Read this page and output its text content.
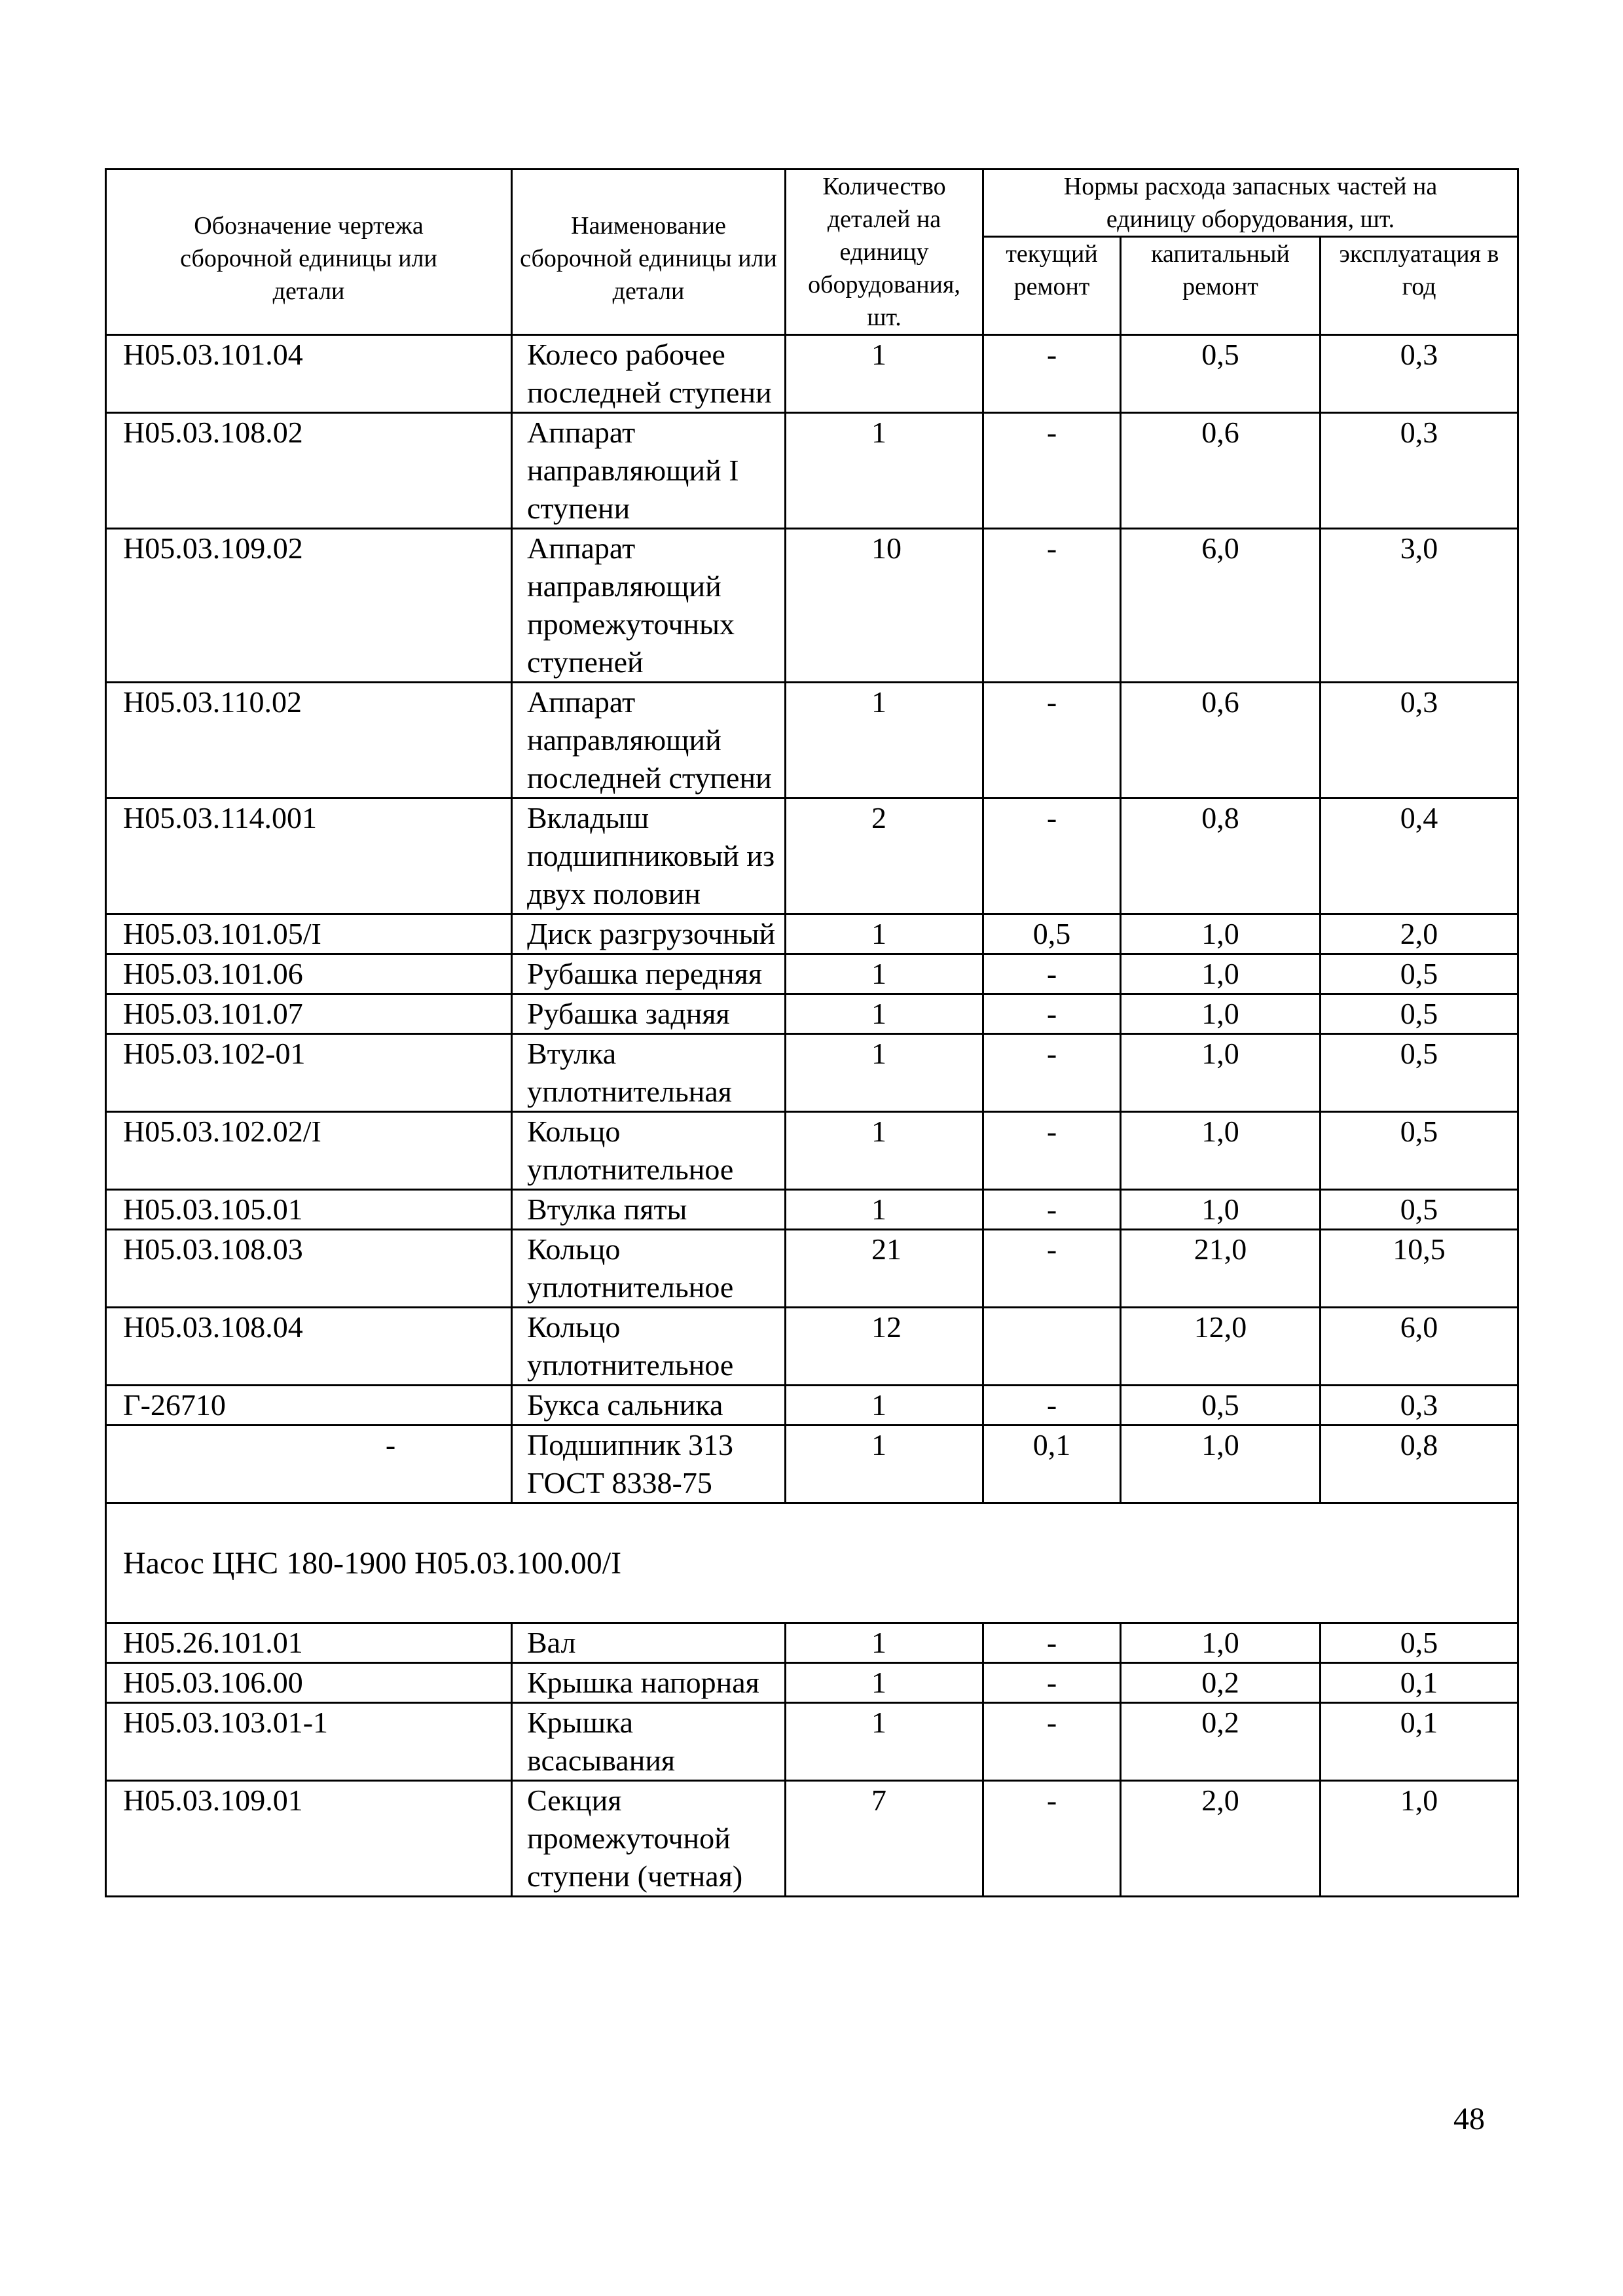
Обозначение чертежа сборочной единицы или детали	Наименование сборочной единицы или детали	Количество деталей на единицу оборудования, шт.	Нормы расхода запасных частей на единицу оборудования, шт.		
			текущий ремонт	капитальный ремонт	эксплуатация в год
Н05.03.101.04	Колесо рабочее последней ступени	1	-	0,5	0,3
Н05.03.108.02	Аппарат направляющий I ступени	1	-	0,6	0,3
Н05.03.109.02	Аппарат направляющий промежуточных ступеней	10	-	6,0	3,0
Н05.03.110.02	Аппарат направляющий последней ступени	1	-	0,6	0,3
Н05.03.114.001	Вкладыш подшипниковый из двух половин	2	-	0,8	0,4
Н05.03.101.05/I	Диск разгрузочный	1	0,5	1,0	2,0
Н05.03.101.06	Рубашка передняя	1	-	1,0	0,5
Н05.03.101.07	Рубашка задняя	1	-	1,0	0,5
Н05.03.102-01	Втулка уплотнительная	1	-	1,0	0,5
Н05.03.102.02/I	Кольцо уплотнительное	1	-	1,0	0,5
Н05.03.105.01	Втулка пяты	1	-	1,0	0,5
Н05.03.108.03	Кольцо уплотнительное	21	-	21,0	10,5
Н05.03.108.04	Кольцо уплотнительное	12		12,0	6,0
Г-26710	Букса сальника	1	-	0,5	0,3
-	Подшипник 313 ГОСТ 8338-75	1	0,1	1,0	0,8
Насос ЦНС 180-1900 Н05.03.100.00/I					
Н05.26.101.01	Вал	1	-	1,0	0,5
Н05.03.106.00	Крышка напорная	1	-	0,2	0,1
Н05.03.103.01-1	Крышка всасывания	1	-	0,2	0,1
Н05.03.109.01	Секция промежуточной ступени (четная)	7	-	2,0	1,0
48
